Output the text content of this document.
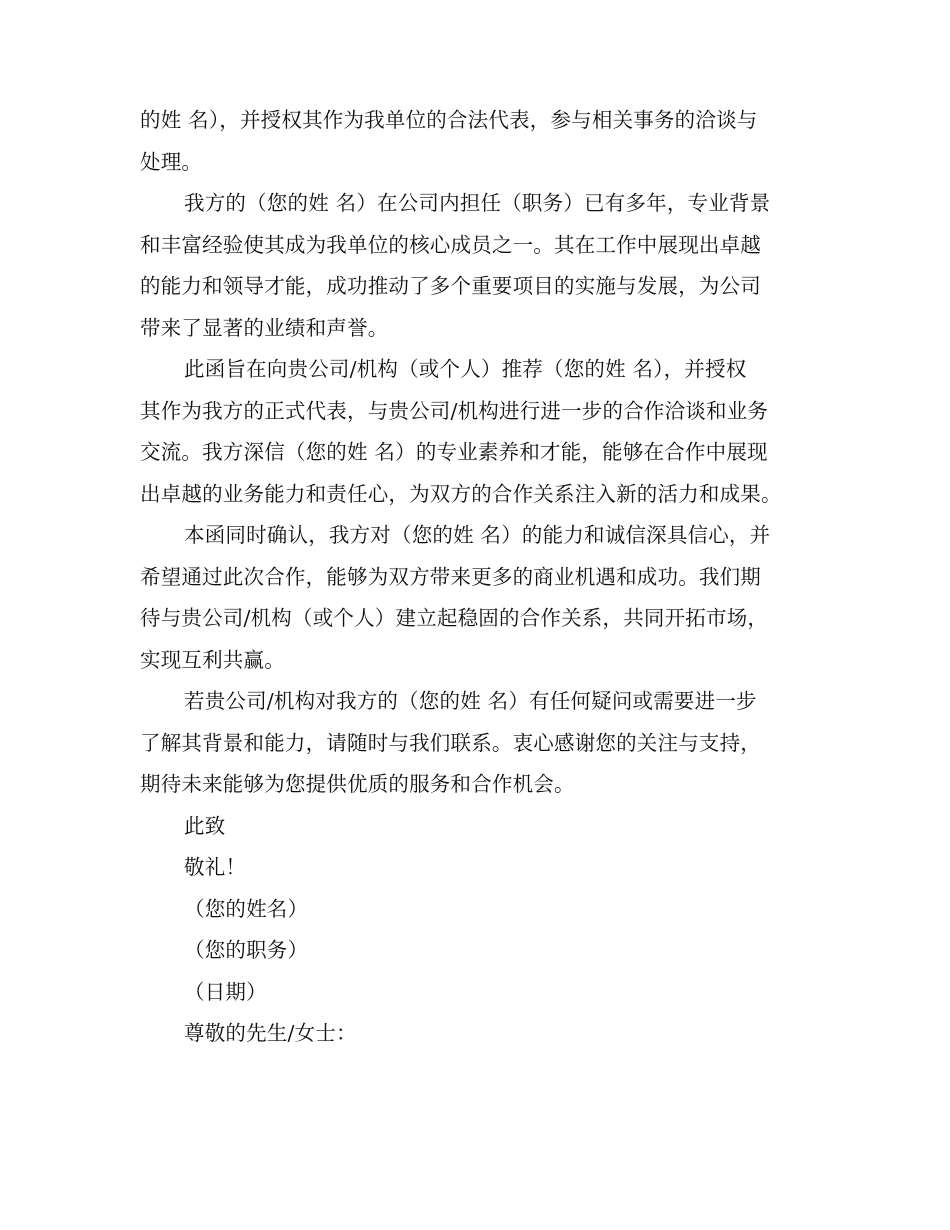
的姓 名），并授权其作为我单位的合法代表，参与相关事务的洽谈与
处理。
我方的（您的姓 名）在公司内担任（职务）已有多年，专业背景
和丰富经验使其成为我单位的核心成员之一。其在工作中展现出卓越
的能力和领导才能，成功推动了多个重要项目的实施与发展，为公司
带来了显著的业绩和声誉。
此函旨在向贵公司/机构（或个人）推荐（您的姓 名），并授权
其作为我方的正式代表，与贵公司/机构进行进一步的合作洽谈和业务
交流。我方深信（您的姓 名）的专业素养和才能，能够在合作中展现
出卓越的业务能力和责任心，为双方的合作关系注入新的活力和成果。
本函同时确认，我方对（您的姓 名）的能力和诚信深具信心，并
希望通过此次合作，能够为双方带来更多的商业机遇和成功。我们期
待与贵公司/机构（或个人）建立起稳固的合作关系，共同开拓市场，
实现互利共赢。
若贵公司/机构对我方的（您的姓 名）有任何疑问或需要进一步
了解其背景和能力，请随时与我们联系。衷心感谢您的关注与支持，
期待未来能够为您提供优质的服务和合作机会。
此致
敬礼！
（您的姓名）
（您的职务）
（日期）
尊敬的先生/女士：
